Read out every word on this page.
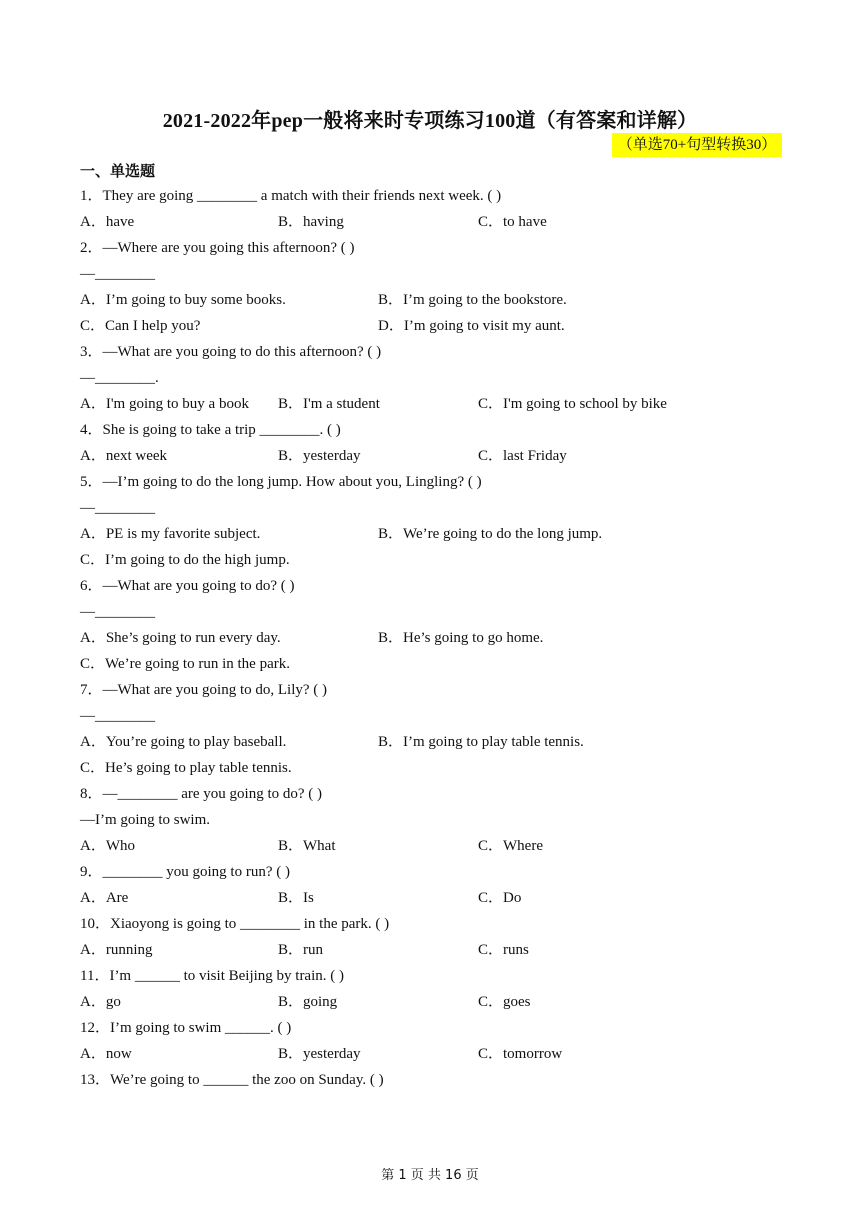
2021-2022年pep一般将来时专项练习100道（有答案和详解）
（单选70+句型转换30）
一、单选题
1．They are going ________ a match with their friends next week. ( )
A．have	B．having	C．to have
2．—Where are you going this afternoon? ( )
—________
A．I’m going to buy some books.	B．I’m going to the bookstore.
C．Can I help you?	D．I’m going to visit my aunt.
3．—What are you going to do this afternoon? ( )
—________.
A．I'm going to buy a book B．I'm a student	C．I'm going to school by bike
4．She is going to take a trip ________. ( )
A．next week	B．yesterday	C．last Friday
5．—I’m going to do the long jump. How about you, Lingling? ( )
—________
A．PE is my favorite subject.	B．We’re going to do the long jump.
C．I’m going to do the high jump.
6．—What are you going to do? ( )
—________
A．She’s going to run every day.	B．He’s going to go home.
C．We’re going to run in the park.
7．—What are you going to do, Lily? ( )
—________
A．You’re going to play baseball.	B．I’m going to play table tennis.
C．He’s going to play table tennis.
8．—________ are you going to do? ( )
—I’m going to swim.
A．Who	B．What	C．Where
9．________ you going to run? ( )
A．Are	B．Is	C．Do
10．Xiaoyong is going to ________ in the park. ( )
A．running	B．run	C．runs
11．I’m ______ to visit Beijing by train. ( )
A．go	B．going	C．goes
12．I’m going to swim ______. ( )
A．now	B．yesterday	C．tomorrow
13．We’re going to ______ the zoo on Sunday. ( )
第 1 页 共 16 页
